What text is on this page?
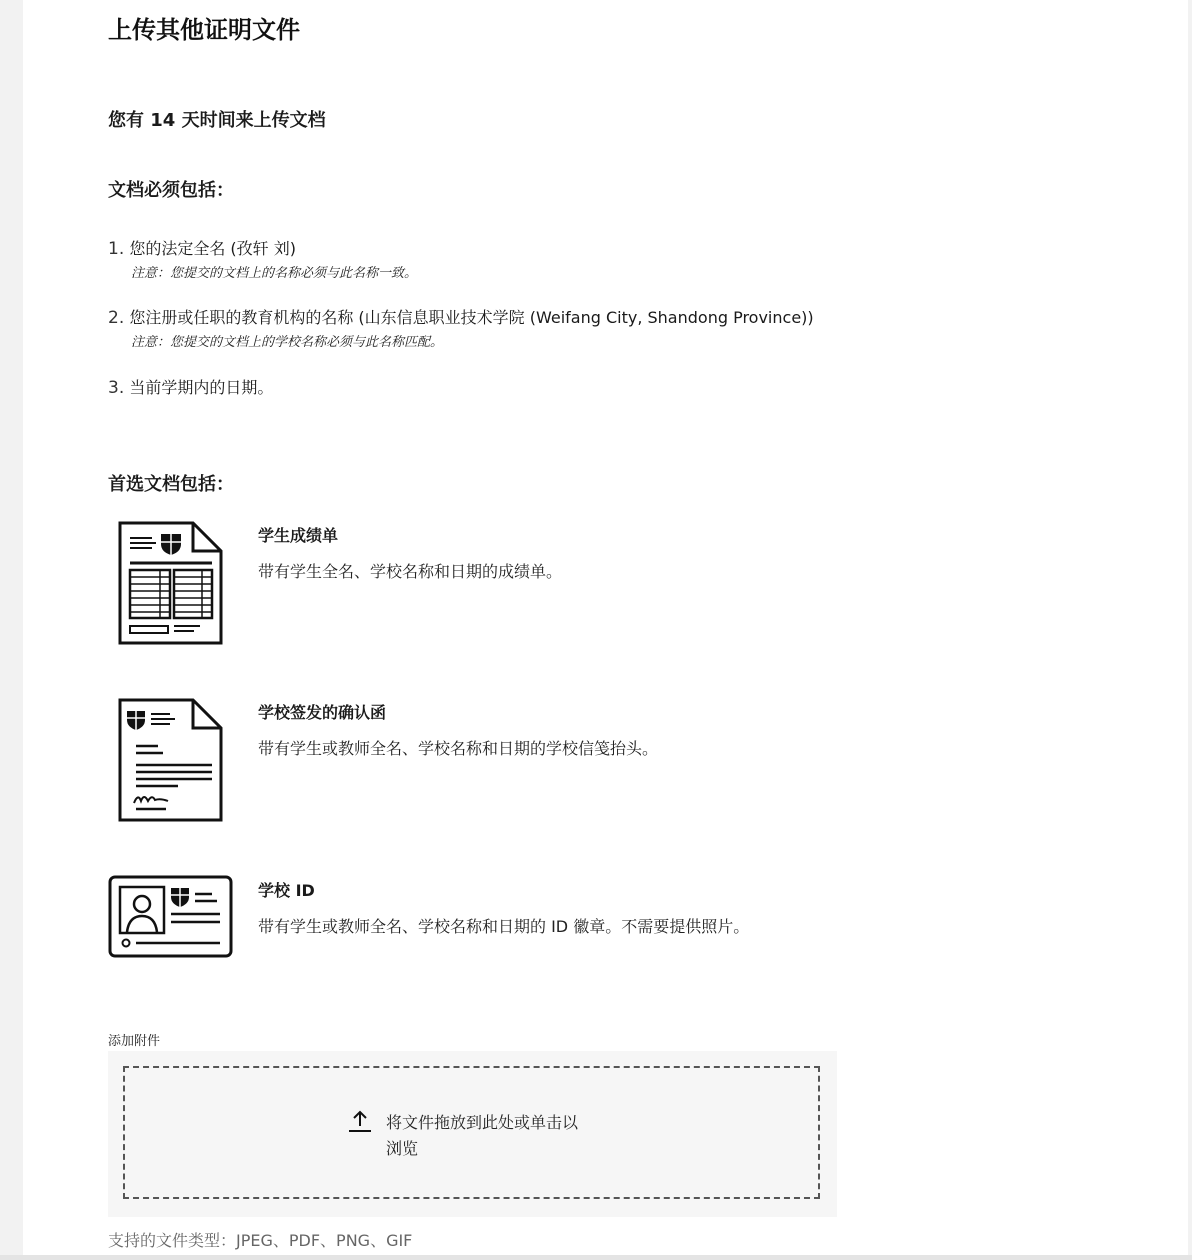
上传其他证明文件
您有 14 天时间来上传文档
文档必须包括：
1. 您的法定全名 (孜轩 刘)
注意：您提交的文档上的名称必须与此名称一致。
2. 您注册或任职的教育机构的名称 (山东信息职业技术学院 (Weifang City, Shandong Province))
注意：您提交的文档上的学校名称必须与此名称匹配。
3. 当前学期内的日期。
首选文档包括：
学生成绩单
带有学生全名、学校名称和日期的成绩单。
学校签发的确认函
带有学生或教师全名、学校名称和日期的学校信笺抬头。
学校 ID
带有学生或教师全名、学校名称和日期的 ID 徽章。不需要提供照片。
添加附件
将文件拖放到此处或单击以
浏览
支持的文件类型：JPEG、PDF、PNG、GIF
